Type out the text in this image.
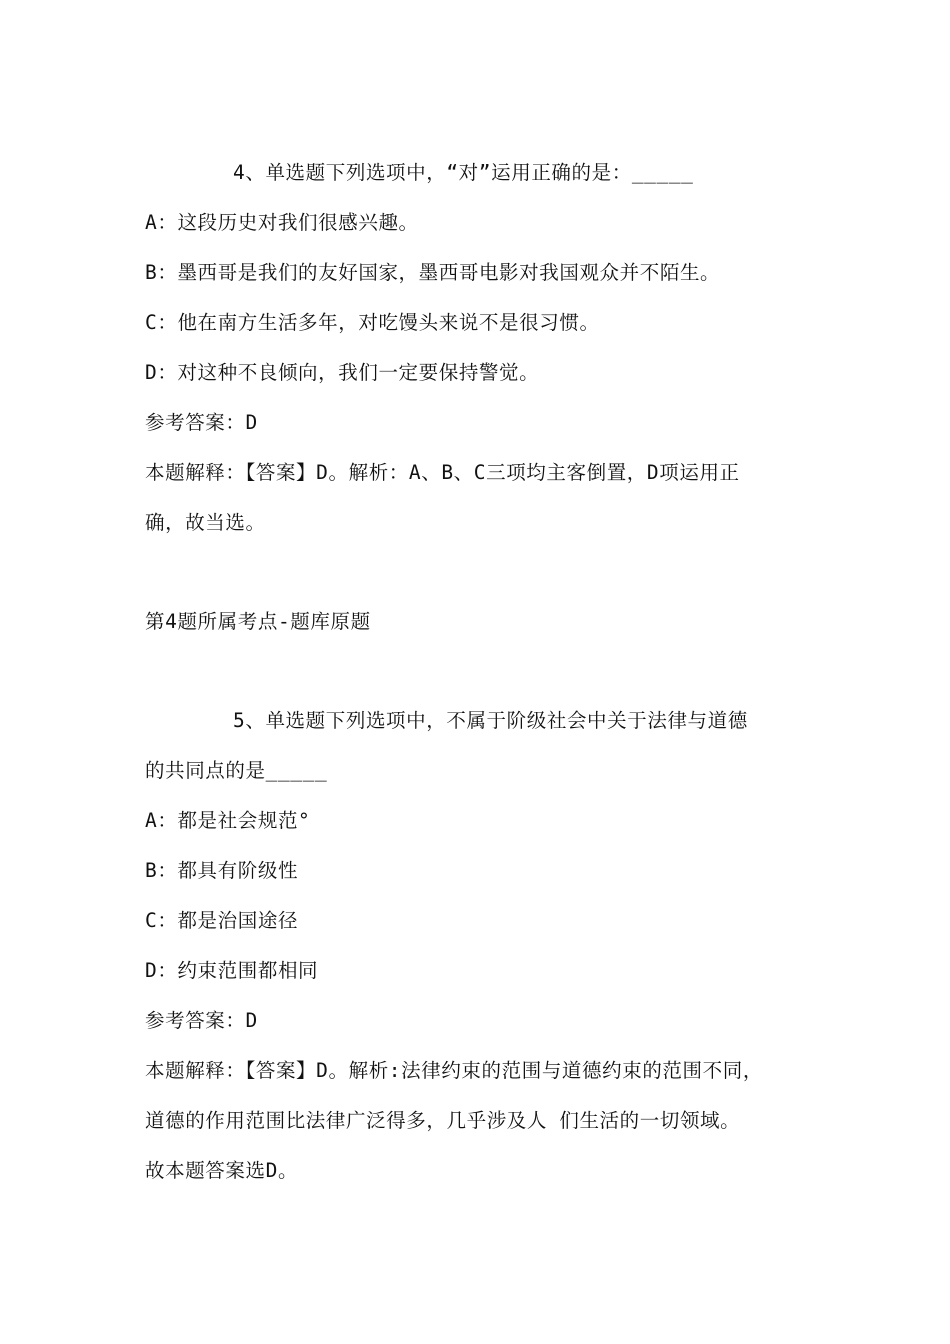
4、单选题下列选项中，“对”运用正确的是：_____
A：这段历史对我们很感兴趣。
B：墨西哥是我们的友好国家，墨西哥电影对我国观众并不陌生。
C：他在南方生活多年，对吃馒头来说不是很习惯。
D：对这种不良倾向，我们一定要保持警觉。
参考答案：D
本题解释：【答案】D。解析：A、B、C三项均主客倒置，D项运用正
确，故当选。
第4题所属考点-题库原题
5、单选题下列选项中，不属于阶级社会中关于法律与道德
的共同点的是_____
A：都是社会规范°
B：都具有阶级性
C：都是治国途径
D：约束范围都相同
参考答案：D
本题解释：【答案】D。解析:法律约束的范围与道德约束的范围不同，
道德的作用范围比法律广泛得多，几乎涉及人 们生活的一切领域。
故本题答案选D。
